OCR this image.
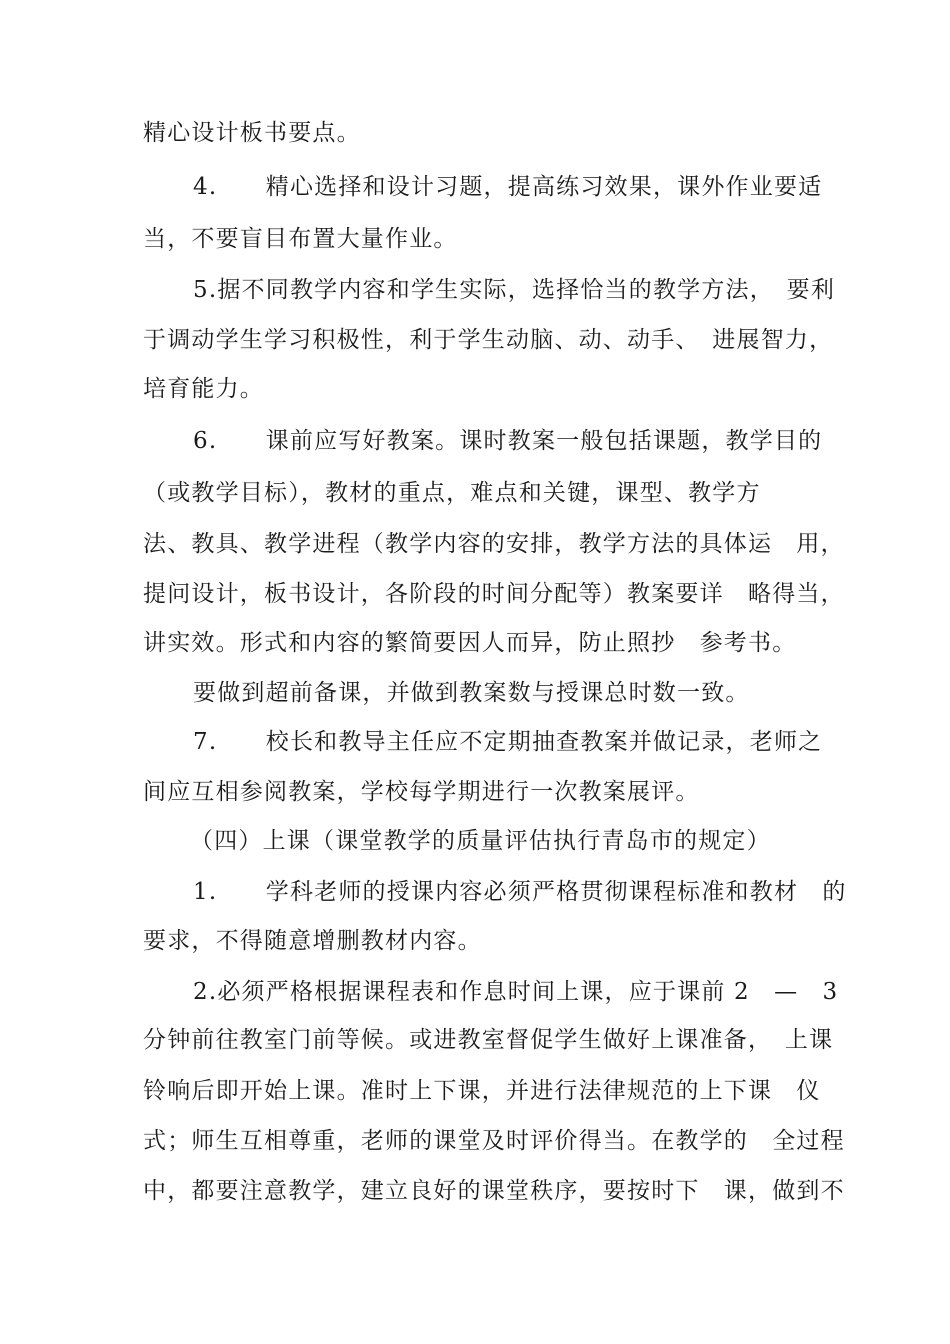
精心设计板书要点。
4.　　精心选择和设计习题，提高练习效果，课外作业要适
当，不要盲目布置大量作业。
5.据不同教学内容和学生实际，选择恰当的教学方法，　要利
于调动学生学习积极性，利于学生动脑、动、动手、　进展智力，
培育能力。
6.　　课前应写好教案。课时教案一般包括课题，教学目的
（或教学目标），教材的重点，难点和关键，课型、教学方
法、教具、教学进程（教学内容的安排，教学方法的具体运　用，
提问设计，板书设计，各阶段的时间分配等）教案要详　略得当，
讲实效。形式和内容的繁简要因人而异，防止照抄　参考书。
要做到超前备课，并做到教案数与授课总时数一致。
7.　　校长和教导主任应不定期抽查教案并做记录，老师之
间应互相参阅教案，学校每学期进行一次教案展评。
（四）上课（课堂教学的质量评估执行青岛市的规定）
1.　　学科老师的授课内容必须严格贯彻课程标准和教材　的
要求，不得随意增删教材内容。
2.必须严格根据课程表和作息时间上课，应于课前 2　—　3
分钟前往教室门前等候。或进教室督促学生做好上课准备，　上课
铃响后即开始上课。准时上下课，并进行法律规范的上下课　仪
式；师生互相尊重，老师的课堂及时评价得当。在教学的　全过程
中，都要注意教学，建立良好的课堂秩序，要按时下　课，做到不
